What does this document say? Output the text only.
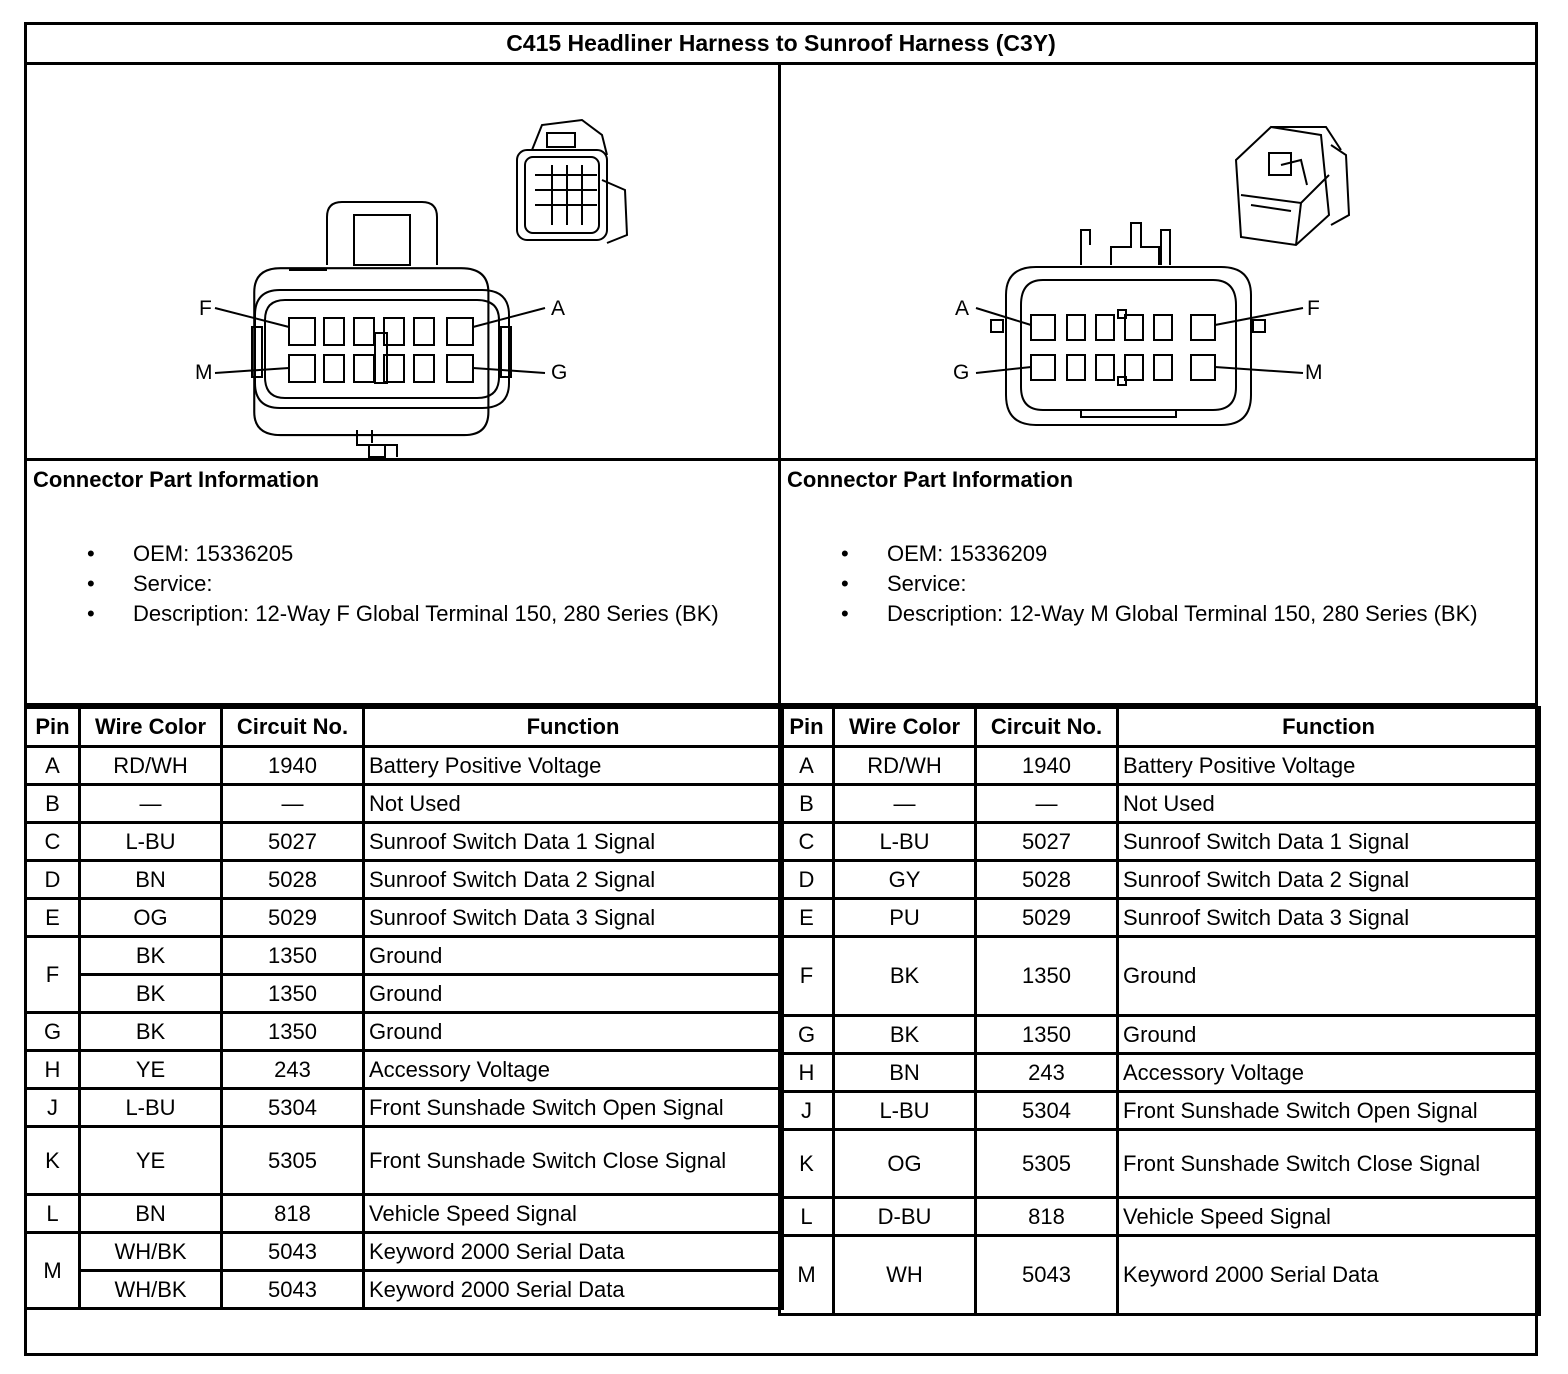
C415 Headliner Harness to Sunroof Harness (C3Y)
F
M
A
G
A
G
F
M
Connector Part Information
• OEM: 15336205
• Service:
• Description: 12-Way F Global Terminal 150, 280 Series (BK)
Connector Part Information
• OEM: 15336209
• Service:
• Description: 12-Way M Global Terminal 150, 280 Series (BK)
Pin	Wire Color	Circuit No.	Function
A	RD/WH	1940	Battery Positive Voltage
B	—	—	Not Used
C	L-BU	5027	Sunroof Switch Data 1 Signal
D	BN	5028	Sunroof Switch Data 2 Signal
E	OG	5029	Sunroof Switch Data 3 Signal
F	BK	1350	Ground
	BK	1350	Ground
G	BK	1350	Ground
H	YE	243	Accessory Voltage
J	L-BU	5304	Front Sunshade Switch Open Signal
K	YE	5305	Front Sunshade Switch Close Signal
L	BN	818	Vehicle Speed Signal
M	WH/BK	5043	Keyword 2000 Serial Data
	WH/BK	5043	Keyword 2000 Serial Data
Pin	Wire Color	Circuit No.	Function
A	RD/WH	1940	Battery Positive Voltage
B	—	—	Not Used
C	L-BU	5027	Sunroof Switch Data 1 Signal
D	GY	5028	Sunroof Switch Data 2 Signal
E	PU	5029	Sunroof Switch Data 3 Signal
F	BK	1350	Ground
G	BK	1350	Ground
H	BN	243	Accessory Voltage
J	L-BU	5304	Front Sunshade Switch Open Signal
K	OG	5305	Front Sunshade Switch Close Signal
L	D-BU	818	Vehicle Speed Signal
M	WH	5043	Keyword 2000 Serial Data
